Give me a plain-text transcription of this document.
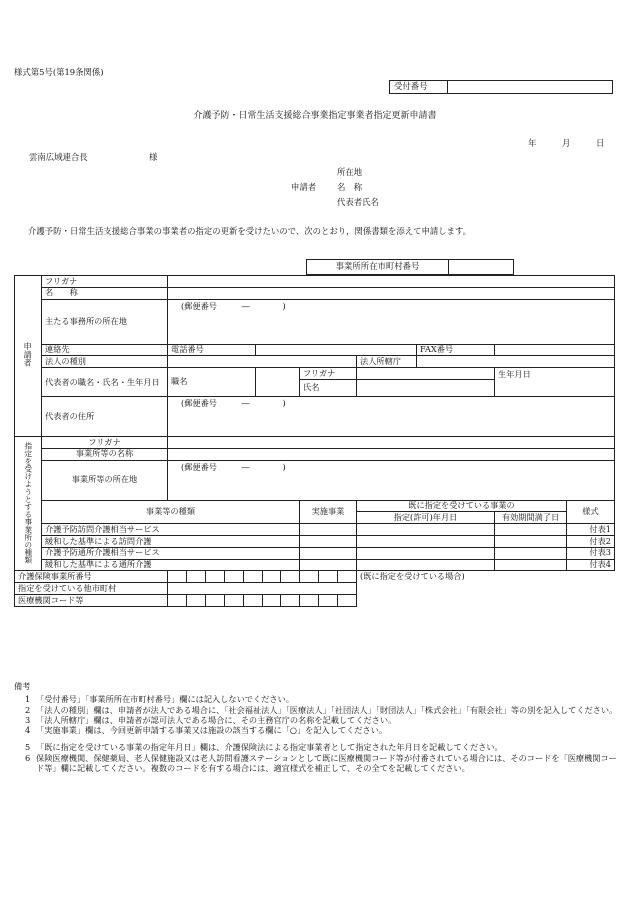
様式第5号(第19条関係)
受付番号
介護予防・日常生活支援総合事業指定事業者指定更新申請書
年	月	日
雲南広域連合長	様
所在地
申請者 名　称
代表者氏名
介護予防・日常生活支援総合事業の事業者の指定の更新を受けたいので、次のとおり，関係書類を添えて申請します。
事業所所在市町村番号
申請者	フリガナ							
	名　　称							
	主たる事務所の所在地	(郵便番号　　　―　　　　)						
	連絡先	電話番号				FAX番号		
	法人の種別				法人所轄庁			
	代表者の職名・氏名・生年月日	職名		フリガナ			生年月日	
				氏名				
	代表者の住所	(郵便番号　　　―　　　　)						

指定を受けようとする事業所の種類	フリガナ							
	事業所等の名称							
	事業所等の所在地	(郵便番号　　　―　　　　)						
	事業等の種類			実施事業	既に指定を受けている事業の			様式
					指定(許可)年月日		有効期間満了日	
	介護予防訪問介護相当サービス							付表1
	緩和した基準による訪問介護							付表2
	介護予防通所介護相当サービス							付表3
	緩和した基準による通所介護							付表4

介護保険事業所番号					(既に指定を受けている場合)			
指定を受けている他市町村								
医療機関コード等							

備考
1 「受付番号」「事業所所在市町村番号」欄には記入しないでください。
2 「法人の種別」欄は、申請者が法人である場合に、「社会福祉法人」「医療法人」「社団法人」「財団法人」「株式会社」「有限会社」等の別を記入してください。
3 「法人所轄庁」欄は、申請者が認可法人である場合に、その主務官庁の名称を記載してください。
4 「実施事業」欄は、今回更新申請する事業又は施設の該当する欄に「○」を記入してください。
5 「既に指定を受けている事業の指定年月日」欄は、介護保険法による指定事業者として指定された年月日を記載してください。
6 保険医療機関、保健薬局、老人保健施設又は老人訪問看護ステーションとして既に医療機関コード等が付番されている場合には、そのコードを「医療機関コード等」欄に記載してください。複数のコードを有する場合には、適宜様式を補正して、その全てを記載してください。
